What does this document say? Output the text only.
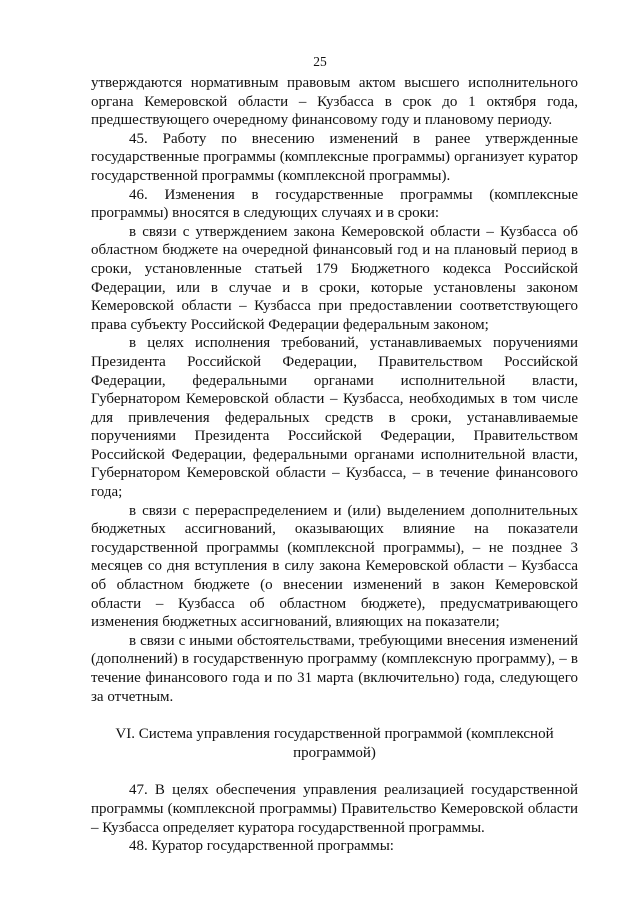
25

утверждаются нормативным правовым актом высшего исполнительного органа Кемеровской области – Кузбасса в срок до 1 октября года, предшествующего очередному финансовому году и плановому периоду.

45. Работу по внесению изменений в ранее утвержденные государственные программы (комплексные программы) организует куратор государственной программы (комплексной программы).

46. Изменения в государственные программы (комплексные программы) вносятся в следующих случаях и в сроки:

в связи с утверждением закона Кемеровской области – Кузбасса об областном бюджете на очередной финансовый год и на плановый период в сроки, установленные статьей 179 Бюджетного кодекса Российской Федерации, или в случае и в сроки, которые установлены законом Кемеровской области – Кузбасса при предоставлении соответствующего права субъекту Российской Федерации федеральным законом;

в целях исполнения требований, устанавливаемых поручениями Президента Российской Федерации, Правительством Российской Федерации, федеральными органами исполнительной власти, Губернатором Кемеровской области – Кузбасса, необходимых в том числе для привлечения федеральных средств в сроки, устанавливаемые поручениями Президента Российской Федерации, Правительством Российской Федерации, федеральными органами исполнительной власти, Губернатором Кемеровской области – Кузбасса, – в течение финансового года;

в связи с перераспределением и (или) выделением дополнительных бюджетных ассигнований, оказывающих влияние на показатели государственной программы (комплексной программы), – не позднее 3 месяцев со дня вступления в силу закона Кемеровской области – Кузбасса об областном бюджете (о внесении изменений в закон Кемеровской области – Кузбасса об областном бюджете), предусматривающего изменения бюджетных ассигнований, влияющих на показатели;

в связи с иными обстоятельствами, требующими внесения изменений (дополнений) в государственную программу (комплексную программу), – в течение финансового года и по 31 марта (включительно) года, следующего за отчетным.

VI. Система управления государственной программой (комплексной программой)

47. В целях обеспечения управления реализацией государственной программы (комплексной программы) Правительство Кемеровской области – Кузбасса определяет куратора государственной программы.

48. Куратор государственной программы:
